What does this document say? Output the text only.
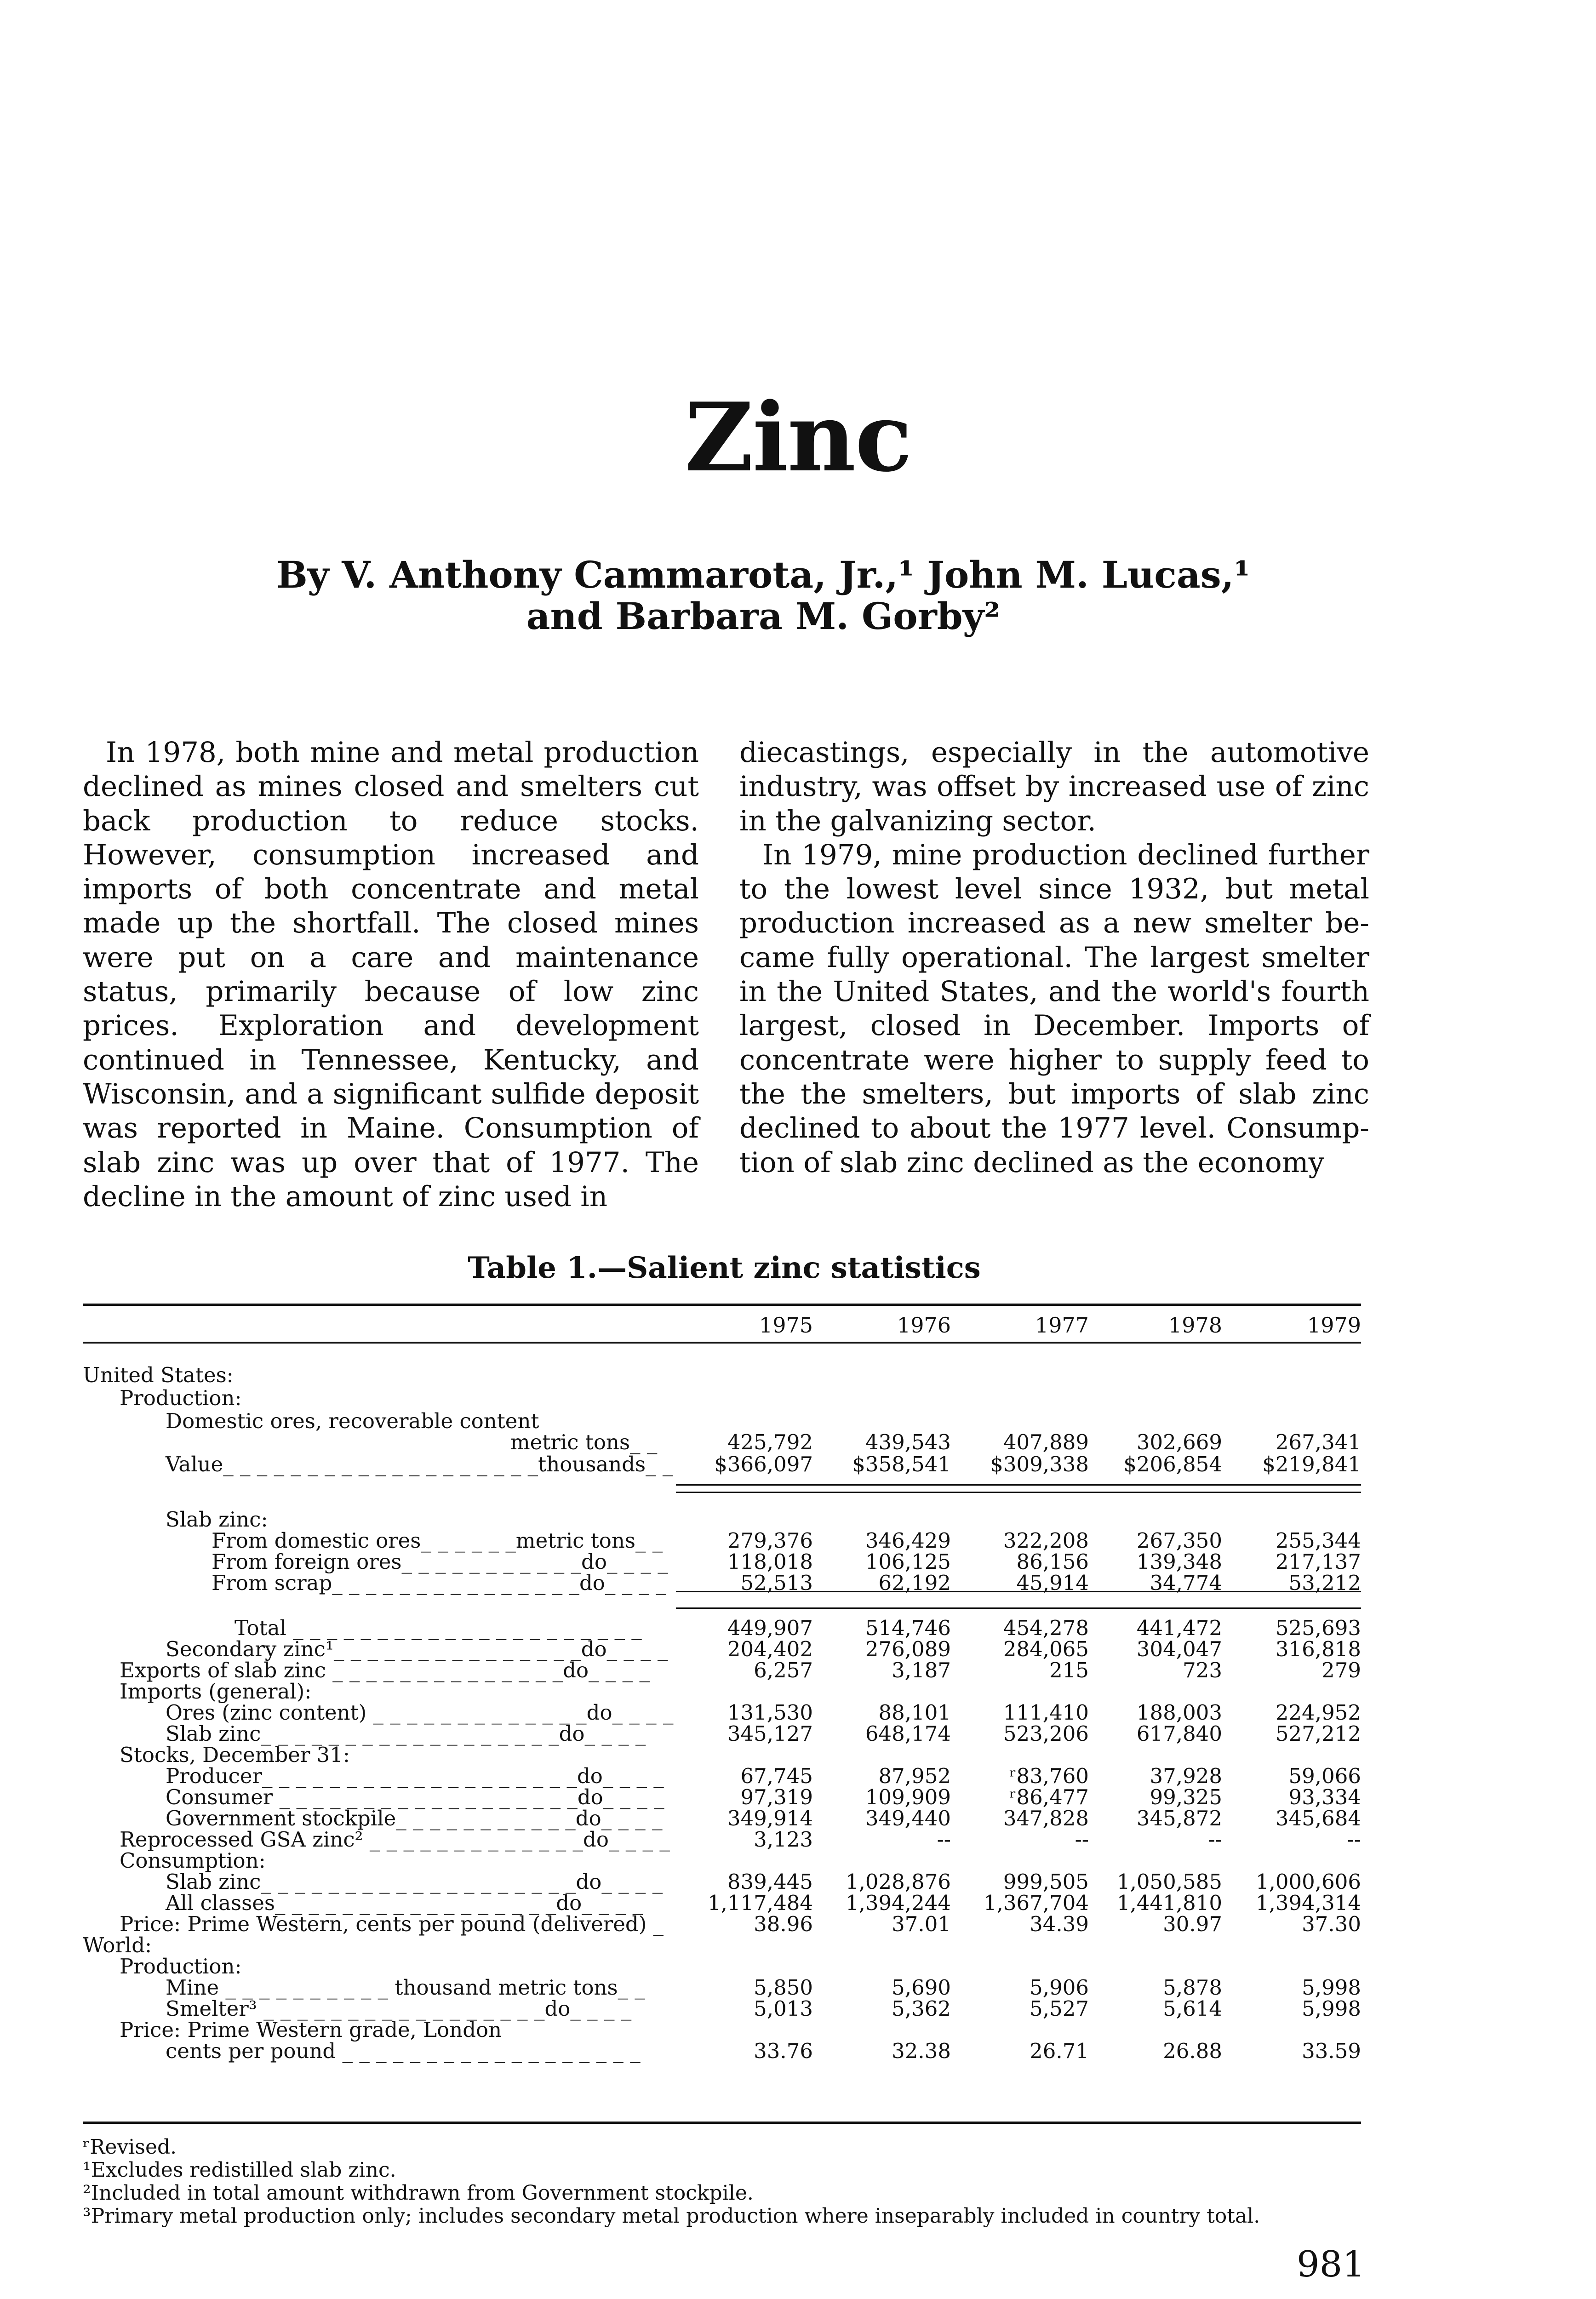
Zinc
By V. Anthony Cammarota, Jr.,¹ John M. Lucas,¹
and Barbara M. Gorby²

In 1978, both mine and metal production declined as mines closed and smelters cut back production to reduce stocks. However, consumption increased and imports of both concentrate and metal made up the shortfall. The closed mines were put on a care and maintenance status, primarily because of low zinc prices. Exploration and development continued in Tennessee, Kentucky, and Wisconsin, and a significant sulfide deposit was reported in Maine. Consumption of slab zinc was up over that of 1977. The decline in the amount of zinc used in

diecastings, especially in the automotive industry, was offset by increased use of zinc in the galvanizing sector.

In 1979, mine production declined further to the lowest level since 1932, but metal production increased as a new smelter became fully operational. The largest smelter in the United States, and the world's fourth largest, closed in December. Imports of concentrate were higher to supply feed to the the smelters, but imports of slab zinc declined to about the 1977 level. Consumption of slab zinc declined as the economy

Table 1.—Salient zinc statistics
1975	1976	1977	1978	1979
United States:
Production:
Domestic ores, recoverable content
metric tons_ _	425,792	439,543	407,889	302,669	267,341
Value_ _ _ _ _ _ _ _ _ _ _ _ _ _ _ _ _ _ _thousands_ _	$366,097	$358,541	$309,338	$206,854	$219,841
Slab zinc:
From domestic ores_ _ _ _ _ _metric tons_ _	279,376	346,429	322,208	267,350	255,344
From foreign ores_ _ _ _ _ _ _ _ _ _ _do_ _ _ _	118,018	106,125	86,156	139,348	217,137
From scrap_ _ _ _ _ _ _ _ _ _ _ _ _ _ _do_ _ _ _	52,513	62,192	45,914	34,774	53,212
Total _ _ _ _ _ _ _ _ _ _ _ _ _ _ _ _ _ _ _ _ _	449,907	514,746	454,278	441,472	525,693
Secondary zinc¹_ _ _ _ _ _ _ _ _ _ _ _ _ _ _do_ _ _ _	204,402	276,089	284,065	304,047	316,818
Exports of slab zinc _ _ _ _ _ _ _ _ _ _ _ _ _ _do_ _ _ _	6,257	3,187	215	723	279
Imports (general):
Ores (zinc content) _ _ _ _ _ _ _ _ _ _ _ _ _do_ _ _ _	131,530	88,101	111,410	188,003	224,952
Slab zinc_ _ _ _ _ _ _ _ _ _ _ _ _ _ _ _ _ _do_ _ _ _	345,127	648,174	523,206	617,840	527,212
Stocks, December 31:
Producer_ _ _ _ _ _ _ _ _ _ _ _ _ _ _ _ _ _ _do_ _ _ _	67,745	87,952	ʳ83,760	37,928	59,066
Consumer _ _ _ _ _ _ _ _ _ _ _ _ _ _ _ _ _ _do_ _ _ _	97,319	109,909	ʳ86,477	99,325	93,334
Government stockpile_ _ _ _ _ _ _ _ _ _ _do_ _ _ _	349,914	349,440	347,828	345,872	345,684
Reprocessed GSA zinc² _ _ _ _ _ _ _ _ _ _ _ _ _do_ _ _ _	3,123	--	--	--	--
Consumption:
Slab zinc_ _ _ _ _ _ _ _ _ _ _ _ _ _ _ _ _ _ _do_ _ _ _	839,445	1,028,876	999,505	1,050,585	1,000,606
All classes_ _ _ _ _ _ _ _ _ _ _ _ _ _ _ _ _do_ _ _ _	1,117,484	1,394,244	1,367,704	1,441,810	1,394,314
Price: Prime Western, cents per pound (delivered) _	38.96	37.01	34.39	30.97	37.30
World:
Production:
Mine _ _ _ _ _ _ _ _ _ _ thousand metric tons_ _	5,850	5,690	5,906	5,878	5,998
Smelter³ _ _ _ _ _ _ _ _ _ _ _ _ _ _ _ _ _do_ _ _ _	5,013	5,362	5,527	5,614	5,998
Price: Prime Western grade, London
cents per pound _ _ _ _ _ _ _ _ _ _ _ _ _ _ _ _ _ _	33.76	32.38	26.71	26.88	33.59
ʳRevised.
¹Excludes redistilled slab zinc.
²Included in total amount withdrawn from Government stockpile.
³Primary metal production only; includes secondary metal production where inseparably included in country total.
981
